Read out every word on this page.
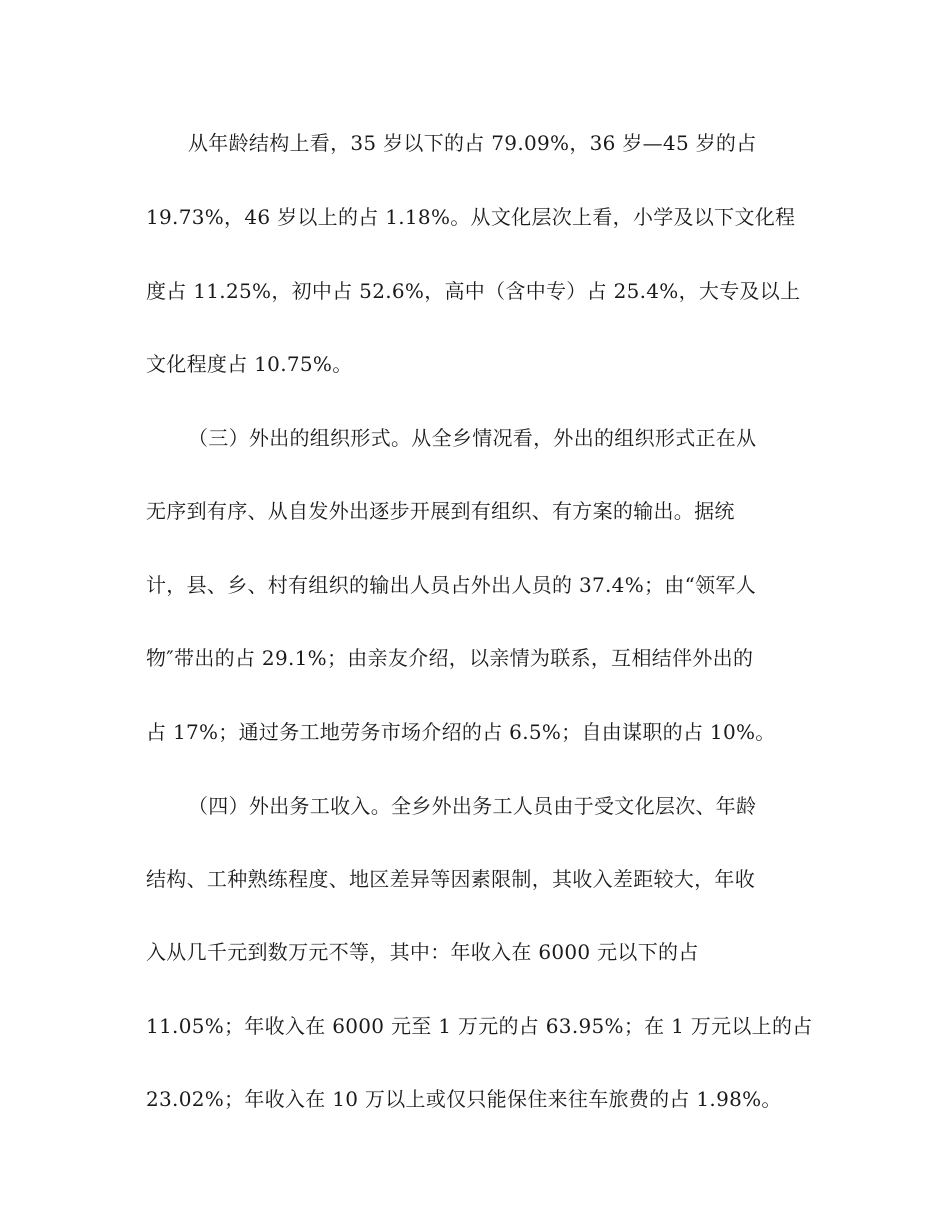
从年龄结构上看，35 岁以下的占 79.09%，36 岁—45 岁的占
19.73%，46 岁以上的占 1.18%。从文化层次上看，小学及以下文化程
度占 11.25%，初中占 52.6%，高中（含中专）占 25.4%，大专及以上
文化程度占 10.75%。
（三）外出的组织形式。从全乡情况看，外出的组织形式正在从
无序到有序、从自发外出逐步开展到有组织、有方案的输出。据统
计，县、乡、村有组织的输出人员占外出人员的 37.4%；由“领军人
物″带出的占 29.1%；由亲友介绍，以亲情为联系，互相结伴外出的
占 17%；通过务工地劳务市场介绍的占 6.5%；自由谋职的占 10%。
（四）外出务工收入。全乡外出务工人员由于受文化层次、年龄
结构、工种熟练程度、地区差异等因素限制，其收入差距较大，年收
入从几千元到数万元不等，其中：年收入在 6000 元以下的占
11.05%；年收入在 6000 元至 1 万元的占 63.95%；在 1 万元以上的占
23.02%；年收入在 10 万以上或仅只能保住来往车旅费的占 1.98%。
